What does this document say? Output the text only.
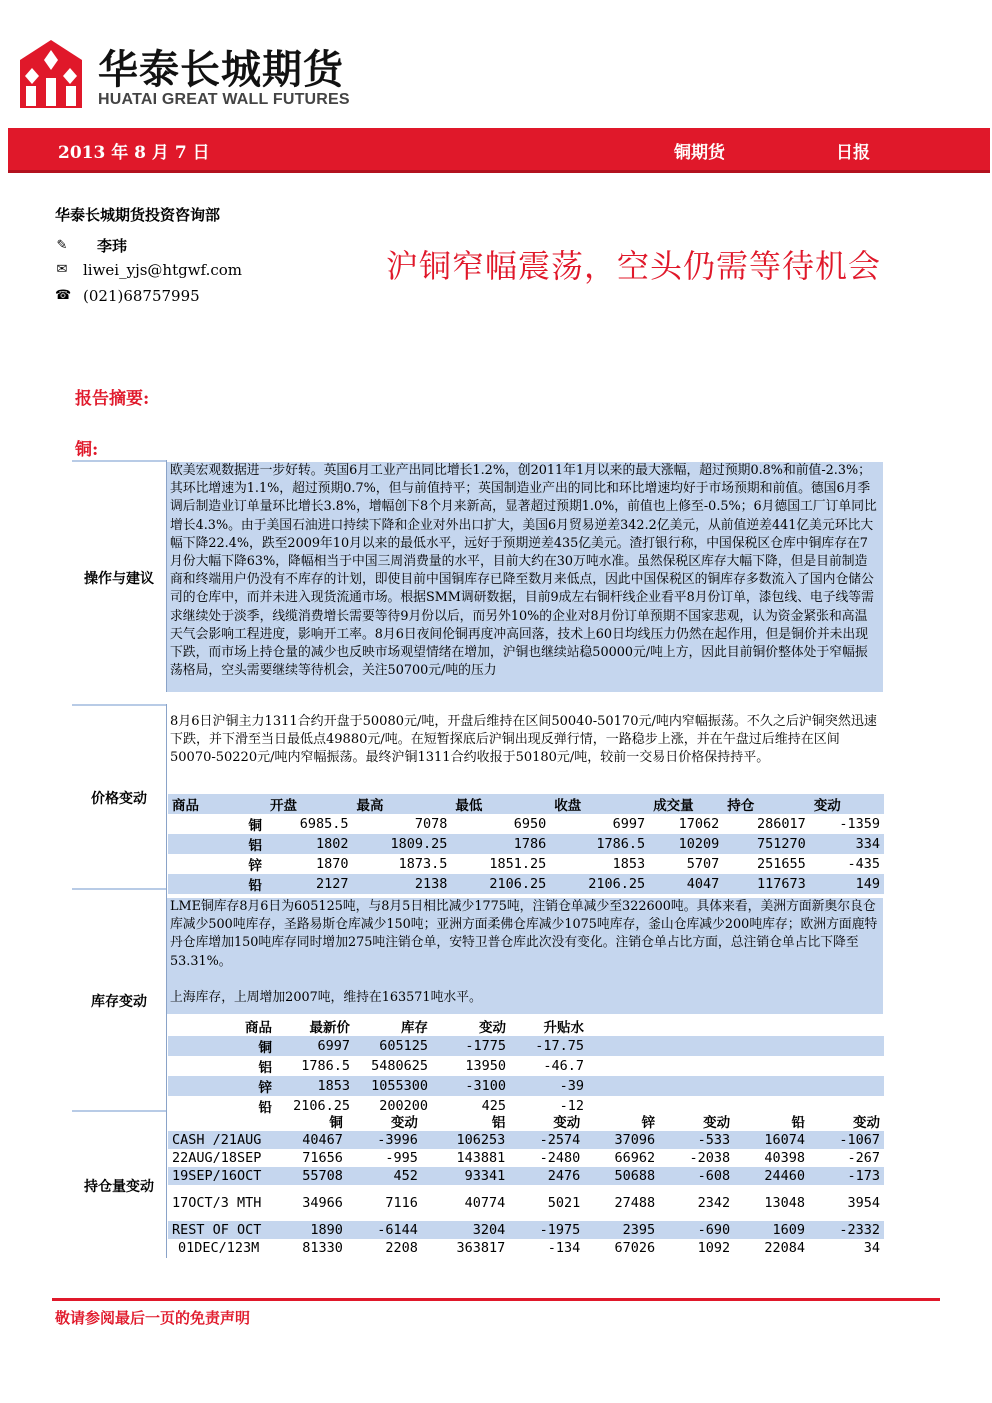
华泰长城期货
HUATAI GREAT WALL FUTURES
2013 年 8 月 7 日	铜期货	日报
华泰长城期货投资咨询部
✎ 李玮
✉ liwei_yjs@htgwf.com
☎ (021)68757995
沪铜窄幅震荡，空头仍需等待机会
报告摘要:
铜:
操作与建议
欧美宏观数据进一步好转。英国6月工业产出同比增长1.2%，创2011年1月以来的最大涨幅，超过预期0.8%和前值-2.3%；其环比增速为1.1%，超过预期0.7%，但与前值持平；英国制造业产出的同比和环比增速均好于市场预期和前值。德国6月季调后制造业订单量环比增长3.8%，增幅创下8个月来新高，显著超过预期1.0%，前值也上修至-0.5%；6月德国工厂订单同比增长4.3%。由于美国石油进口持续下降和企业对外出口扩大，美国6月贸易逆差342.2亿美元，从前值逆差441亿美元环比大幅下降22.4%，跌至2009年10月以来的最低水平，远好于预期逆差435亿美元。渣打银行称，中国保税区仓库中铜库存在7月份大幅下降63%，降幅相当于中国三周消费量的水平，目前大约在30万吨水准。虽然保税区库存大幅下降，但是目前制造商和终端用户仍没有不库存的计划，即使目前中国铜库存已降至数月来低点，因此中国保税区的铜库存多数流入了国内仓储公司的仓库中，而并未进入现货流通市场。根据SMM调研数据，目前9成左右铜杆线企业看平8月份订单，漆包线、电子线等需求继续处于淡季，线缆消费增长需要等待9月份以后，而另外10%的企业对8月份订单预期不国家悲观，认为资金紧张和高温天气会影响工程进度，影响开工率。8月6日夜间伦铜再度冲高回落，技术上60日均线压力仍然在起作用，但是铜价并未出现下跌，而市场上持仓量的减少也反映市场观望情绪在增加，沪铜也继续站稳50000元/吨上方，因此目前铜价整体处于窄幅振荡格局，空头需要继续等待机会，关注50700元/吨的压力
价格变动
8月6日沪铜主力1311合约开盘于50080元/吨，开盘后维持在区间50040-50170元/吨内窄幅振荡。不久之后沪铜突然迅速下跌，并下滑至当日最低点49880元/吨。在短暂探底后沪铜出现反弹行情，一路稳步上涨，并在午盘过后维持在区间50070-50220元/吨内窄幅振荡。最终沪铜1311合约收报于50180元/吨，较前一交易日价格保持持平。
商品	开盘	最高	最低	收盘	成交量	持仓	变动
铜	6985.5	7078	6950	6997	17062	286017	-1359
铝	1802	1809.25	1786	1786.5	10209	751270	334
锌	1870	1873.5	1851.25	1853	5707	251655	-435
铅	2127	2138	2106.25	2106.25	4047	117673	149
库存变动
LME铜库存8月6日为605125吨，与8月5日相比减少1775吨，注销仓单减少至322600吨。具体来看，美洲方面新奥尔良仓库减少500吨库存，圣路易斯仓库减少150吨；亚洲方面柔佛仓库减少1075吨库存，釜山仓库减少200吨库存；欧洲方面鹿特丹仓库增加150吨库存同时增加275吨注销仓单，安特卫普仓库此次没有变化。注销仓单占比方面，总注销仓单占比下降至53.31%。
上海库存，上周增加2007吨，维持在163571吨水平。
商品	最新价	库存	变动	升贴水	
铜	6997	605125	-1775	-17.75	
铝	1786.5	5480625	13950	-46.7	
锌	1853	1055300	-3100	-39	
铅	2106.25	200200	425	-12	
持仓量变动
	铜	变动	铝	变动	锌	变动	铅	变动
CASH /21AUG	40467	-3996	106253	-2574	37096	-533	16074	-1067
22AUG/18SEP	71656	-995	143881	-2480	66962	-2038	40398	-267
19SEP/16OCT	55708	452	93341	2476	50688	-608	24460	-173
17OCT/3 MTH	34966	7116	40774	5021	27488	2342	13048	3954
REST OF OCT	1890	-6144	3204	-1975	2395	-690	1609	-2332
01DEC/123M	81330	2208	363817	-134	67026	1092	22084	34
敬请参阅最后一页的免责声明
